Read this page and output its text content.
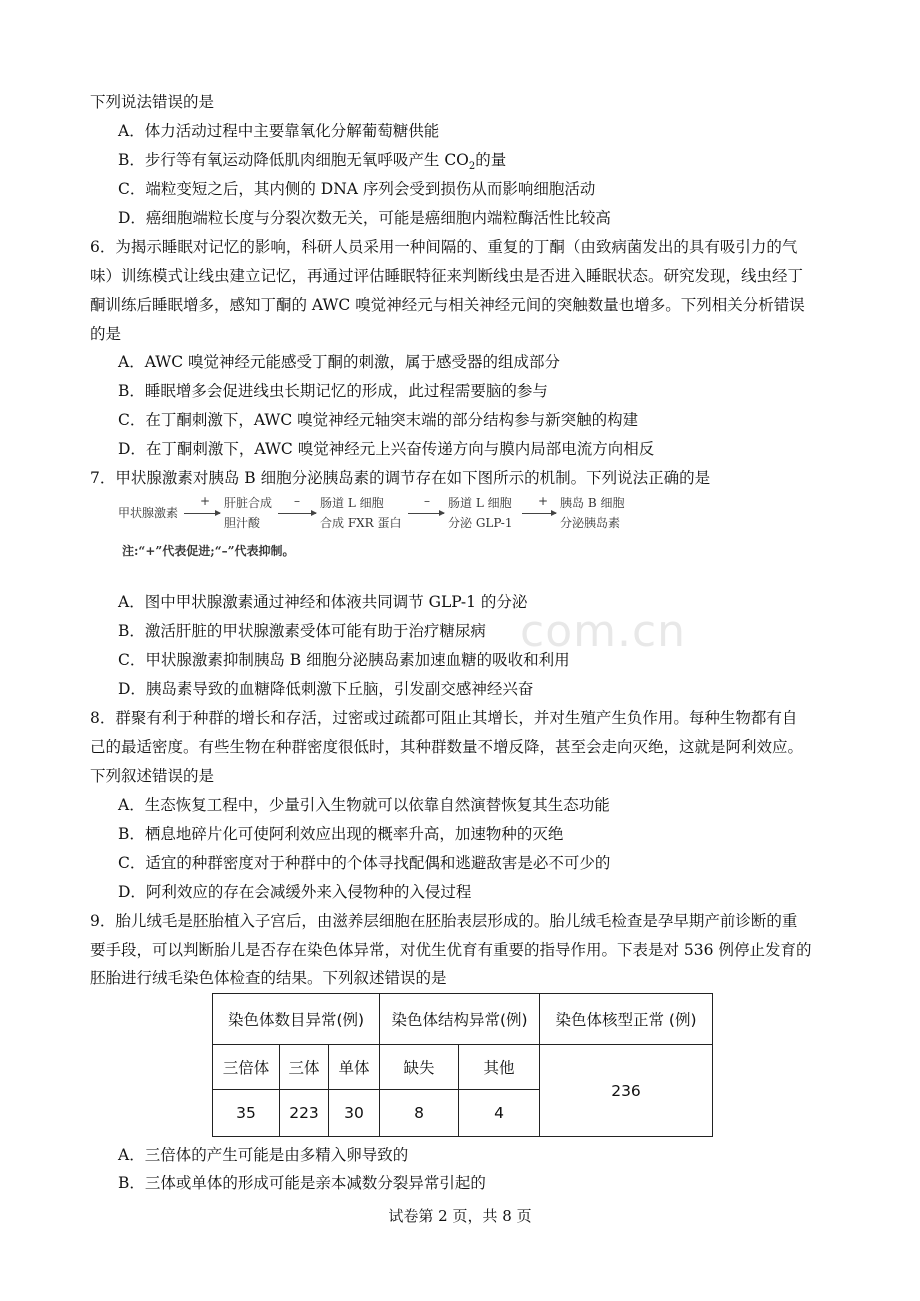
com.cn
下列说法错误的是
A．体力活动过程中主要靠氧化分解葡萄糖供能
B．步行等有氧运动降低肌肉细胞无氧呼吸产生 $CO_2$的量
C．端粒变短之后，其内侧的 DNA 序列会受到损伤从而影响细胞活动
D．癌细胞端粒长度与分裂次数无关，可能是癌细胞内端粒酶活性比较高
6．为揭示睡眠对记忆的影响，科研人员采用一种间隔的、重复的丁酮（由致病菌发出的具有吸引力的气
味）训练模式让线虫建立记忆，再通过评估睡眠特征来判断线虫是否进入睡眠状态。研究发现，线虫经丁
酮训练后睡眠增多，感知丁酮的 AWC 嗅觉神经元与相关神经元间的突触数量也增多。下列相关分析错误
的是
A．AWC 嗅觉神经元能感受丁酮的刺激，属于感受器的组成部分
B．睡眠增多会促进线虫长期记忆的形成，此过程需要脑的参与
C．在丁酮刺激下，AWC 嗅觉神经元轴突末端的部分结构参与新突触的构建
D．在丁酮刺激下，AWC 嗅觉神经元上兴奋传递方向与膜内局部电流方向相反
7．甲状腺激素对胰岛 B 细胞分泌胰岛素的调节存在如下图所示的机制。下列说法正确的是
甲状腺激素
+ 肝脏合成
胆汁酸
– 肠道 L 细胞
合成 FXR 蛋白
– 肠道 L 细胞
分泌 GLP-1
+ 胰岛 B 细胞
分泌胰岛素
注:“+”代表促进;“–”代表抑制。
A．图中甲状腺激素通过神经和体液共同调节 GLP-1 的分泌
B．激活肝脏的甲状腺激素受体可能有助于治疗糖尿病
C．甲状腺激素抑制胰岛 B 细胞分泌胰岛素加速血糖的吸收和利用
D．胰岛素导致的血糖降低刺激下丘脑，引发副交感神经兴奋
8．群聚有利于种群的增长和存活，过密或过疏都可阻止其增长，并对生殖产生负作用。每种生物都有自
己的最适密度。有些生物在种群密度很低时，其种群数量不增反降，甚至会走向灭绝，这就是阿利效应。
下列叙述错误的是
A．生态恢复工程中，少量引入生物就可以依靠自然演替恢复其生态功能
B．栖息地碎片化可使阿利效应出现的概率升高，加速物种的灭绝
C．适宜的种群密度对于种群中的个体寻找配偶和逃避敌害是必不可少的
D．阿利效应的存在会减缓外来入侵物种的入侵过程
9．胎儿绒毛是胚胎植入子宫后，由滋养层细胞在胚胎表层形成的。胎儿绒毛检查是孕早期产前诊断的重
要手段，可以判断胎儿是否存在染色体异常，对优生优育有重要的指导作用。下表是对 536 例停止发育的
胚胎进行绒毛染色体检查的结果。下列叙述错误的是
染色体数目异常(例)			染色体结构异常(例)		染色体核型正常 (例)
三倍体	三体	单体	缺失	其他	236
35	223	30	8	4	
A．三倍体的产生可能是由多精入卵导致的
B．三体或单体的形成可能是亲本减数分裂异常引起的
试卷第 2 页，共 8 页
